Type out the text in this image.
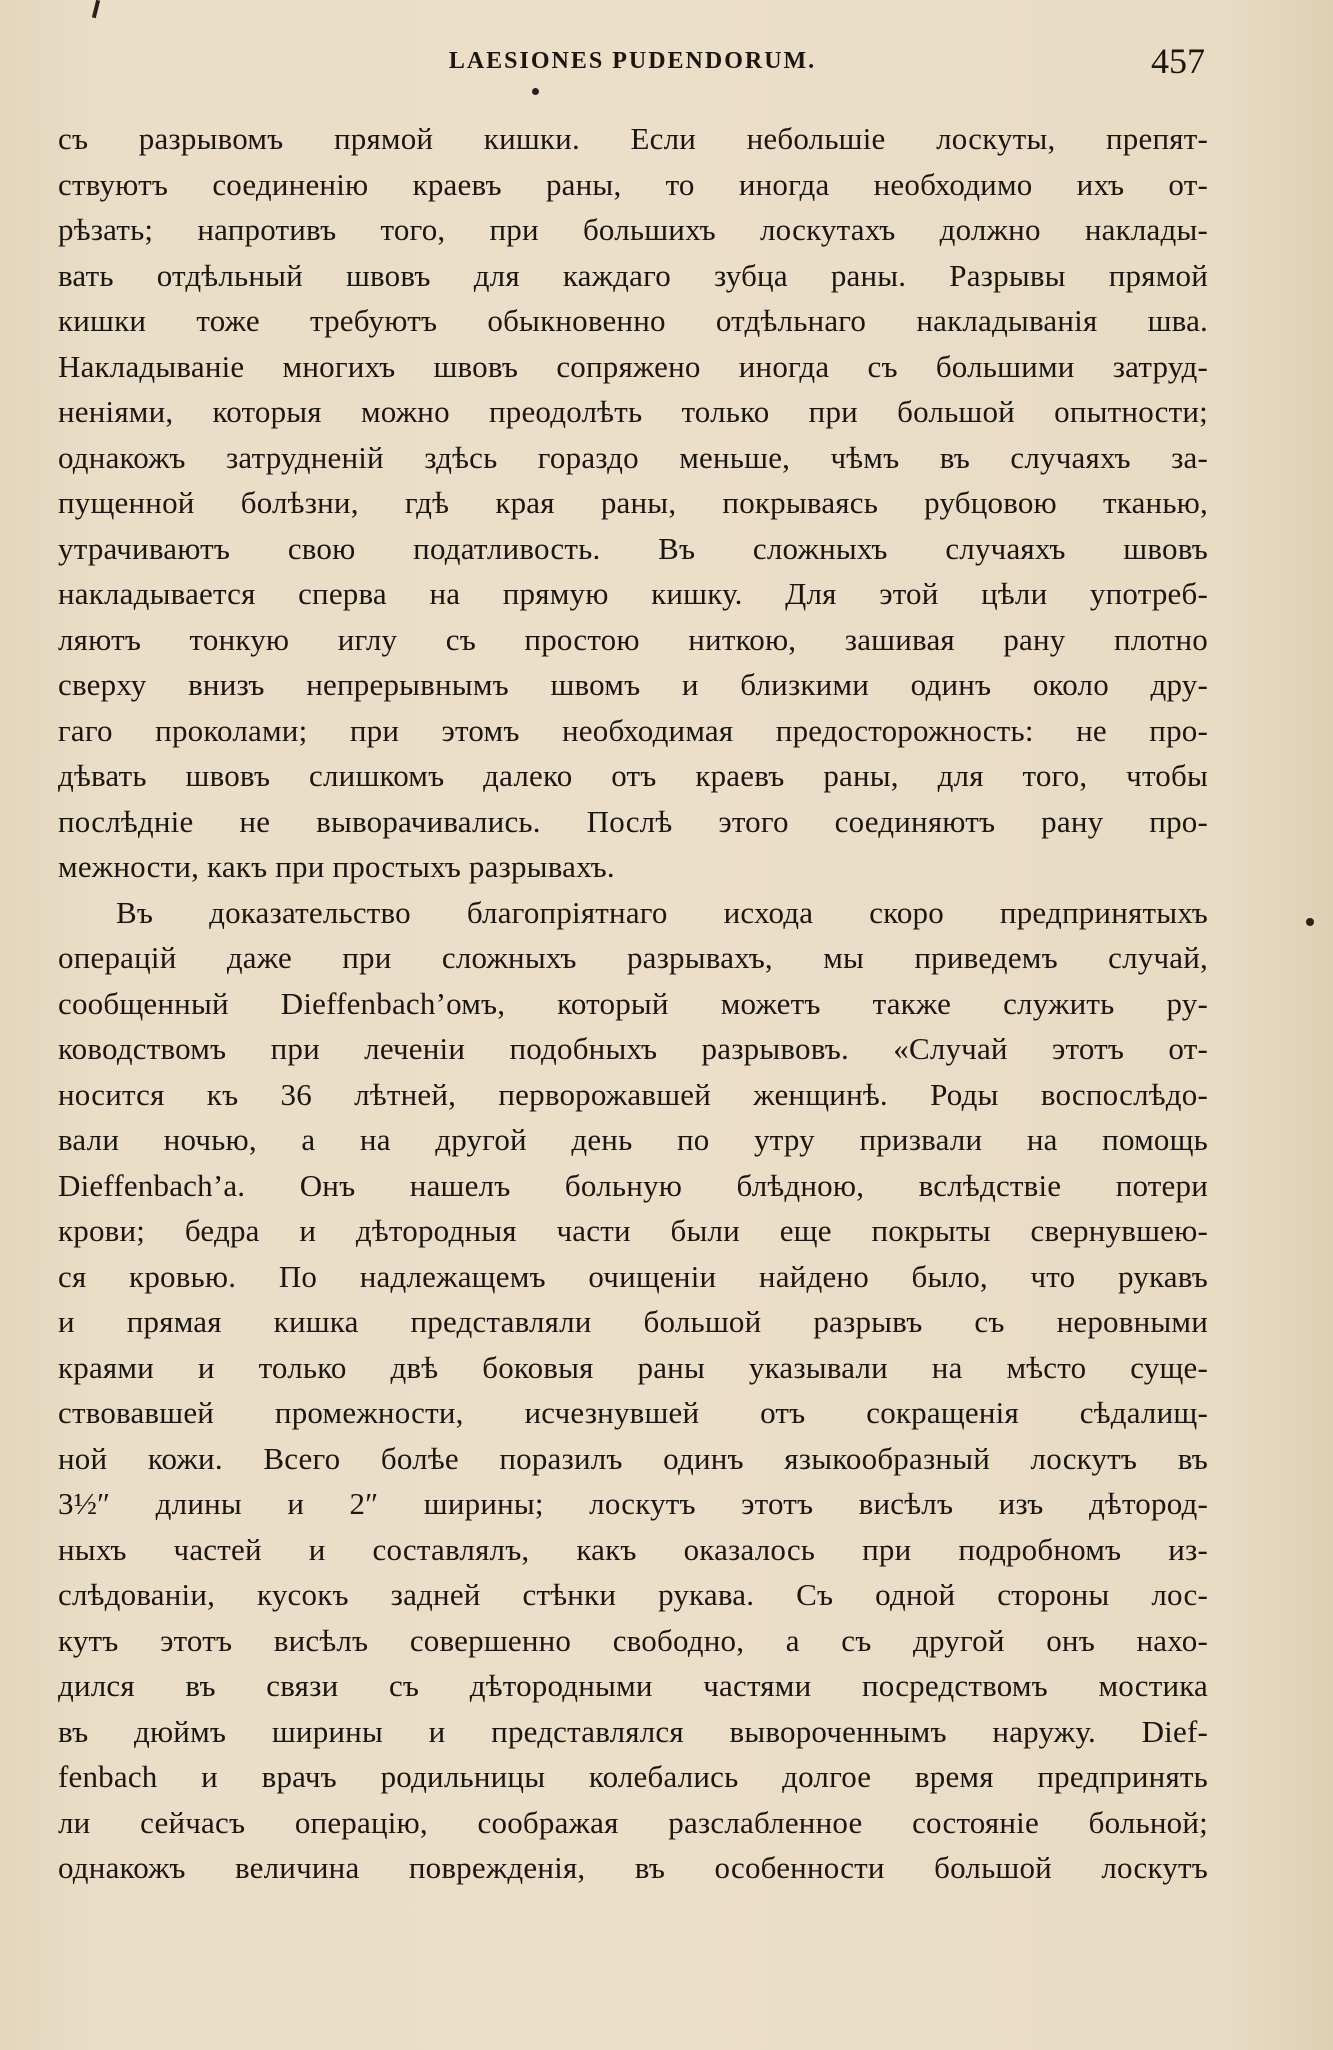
LAESIONES PUDENDORUM.	457
съ разрывомъ прямой кишки. Если небольшіе лоскуты, препят-
ствуютъ соединенію краевъ раны, то иногда необходимо ихъ от-
рѣзать; напротивъ того, при большихъ лоскутахъ должно наклады-
вать отдѣльный швовъ для каждаго зубца раны. Разрывы прямой
кишки тоже требуютъ обыкновенно отдѣльнаго накладыванія шва.
Накладываніе многихъ швовъ сопряжено иногда съ большими затруд-
неніями, которыя можно преодолѣть только при большой опытности;
однакожъ затрудненій здѣсь гораздо меньше, чѣмъ въ случаяхъ за-
пущенной болѣзни, гдѣ края раны, покрываясь рубцовою тканью,
утрачиваютъ свою податливость. Въ сложныхъ случаяхъ швовъ
накладывается сперва на прямую кишку. Для этой цѣли употреб-
ляютъ тонкую иглу съ простою ниткою, зашивая рану плотно
сверху внизъ непрерывнымъ швомъ и близкими одинъ около дру-
гаго проколами; при этомъ необходимая предосторожность: не про-
дѣвать швовъ слишкомъ далеко отъ краевъ раны, для того, чтобы
послѣдніе не выворачивались. Послѣ этого соединяютъ рану про-
межности, какъ при простыхъ разрывахъ.
Въ доказательство благопріятнаго исхода скоро предпринятыхъ
операцій даже при сложныхъ разрывахъ, мы приведемъ случай,
сообщенный Dieffenbach’омъ, который можетъ также служить ру-
ководствомъ при леченіи подобныхъ разрывовъ. «Случай этотъ от-
носится къ 36 лѣтней, перворожавшей женщинѣ. Роды воспослѣдо-
вали ночью, а на другой день по утру призвали на помощь
Dieffenbach’а. Онъ нашелъ больную блѣдною, вслѣдствіе потери
крови; бедра и дѣтородныя части были еще покрыты свернувшею-
ся кровью. По надлежащемъ очищеніи найдено было, что рукавъ
и прямая кишка представляли большой разрывъ съ неровными
краями и только двѣ боковыя раны указывали на мѣсто суще-
ствовавшей промежности, исчезнувшей отъ сокращенія сѣдалищ-
ной кожи. Всего болѣе поразилъ одинъ языкообразный лоскутъ въ
3½″ длины и 2″ ширины; лоскутъ этотъ висѣлъ изъ дѣтород-
ныхъ частей и составлялъ, какъ оказалось при подробномъ из-
слѣдованіи, кусокъ задней стѣнки рукава. Съ одной стороны лос-
кутъ этотъ висѣлъ совершенно свободно, а съ другой онъ нахо-
дился въ связи съ дѣтородными частями посредствомъ мостика
въ дюймъ ширины и представлялся вывороченнымъ наружу. Dief-
fenbach и врачъ родильницы колебались долгое время предпринять
ли сейчасъ операцію, соображая разслабленное состояніе больной;
однакожъ величина поврежденія, въ особенности большой лоскутъ
